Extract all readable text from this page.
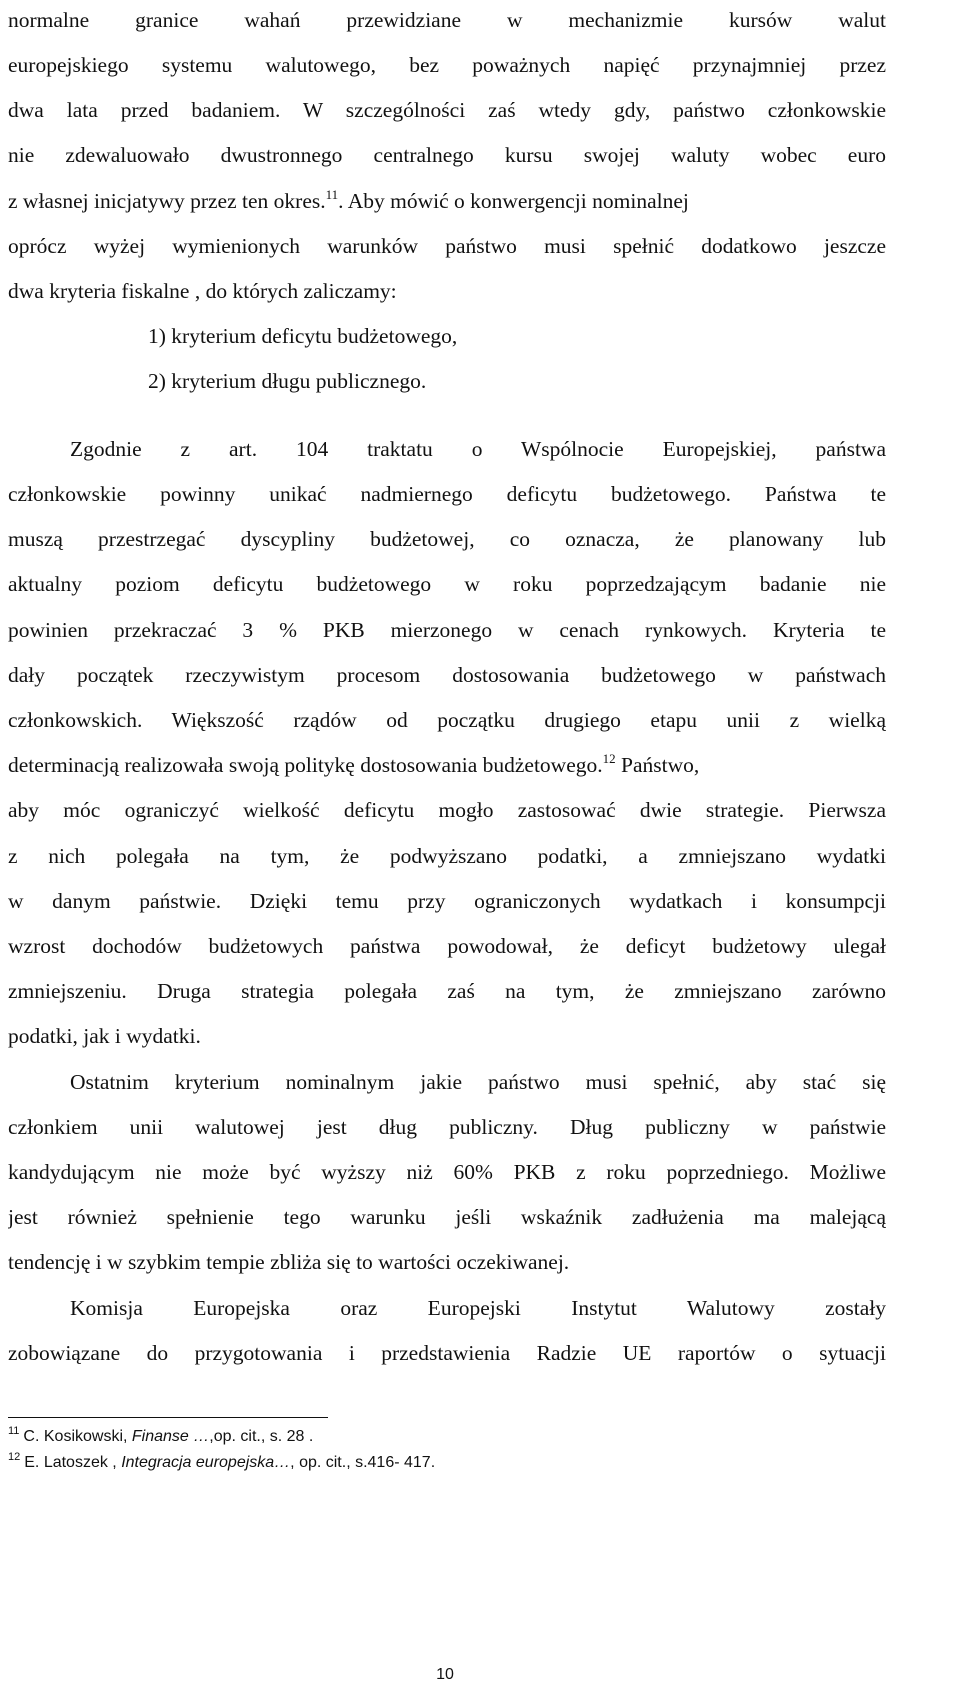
normalne granice wahań przewidziane w mechanizmie kursów walut
europejskiego systemu walutowego, bez poważnych napięć przynajmniej przez
dwa lata przed badaniem. W szczególności zaś wtedy gdy, państwo członkowskie
nie zdewaluowało dwustronnego centralnego kursu swojej waluty wobec euro
z własnej inicjatywy przez ten okres.$^{11}$. Aby mówić o konwergencji nominalnej
oprócz wyżej wymienionych warunków państwo musi spełnić dodatkowo jeszcze
dwa kryteria fiskalne , do których zaliczamy:
1) kryterium deficytu budżetowego,
2) kryterium długu publicznego.
Zgodnie z art. 104 traktatu o Wspólnocie Europejskiej, państwa
członkowskie powinny unikać nadmiernego deficytu budżetowego. Państwa te
muszą przestrzegać dyscypliny budżetowej, co oznacza, że planowany lub
aktualny poziom deficytu budżetowego w roku poprzedzającym badanie nie
powinien przekraczać 3 % PKB mierzonego w cenach rynkowych. Kryteria te
dały początek rzeczywistym procesom dostosowania budżetowego w państwach
członkowskich. Większość rządów od początku drugiego etapu unii z wielką
determinacją realizowała swoją politykę dostosowania budżetowego.$^{12}$ Państwo,
aby móc ograniczyć wielkość deficytu mogło zastosować dwie strategie. Pierwsza
z nich polegała na tym, że podwyższano podatki, a zmniejszano wydatki
w danym państwie. Dzięki temu przy ograniczonych wydatkach i konsumpcji
wzrost dochodów budżetowych państwa powodował, że deficyt budżetowy ulegał
zmniejszeniu. Druga strategia polegała zaś na tym, że zmniejszano zarówno
podatki, jak i wydatki.
Ostatnim kryterium nominalnym jakie państwo musi spełnić, aby stać się
członkiem unii walutowej jest dług publiczny. Dług publiczny w państwie
kandydującym nie może być wyższy niż 60% PKB z roku poprzedniego. Możliwe
jest również spełnienie tego warunku jeśli wskaźnik zadłużenia ma malejącą
tendencję i w szybkim tempie zbliża się to wartości oczekiwanej.
Komisja Europejska oraz Europejski Instytut Walutowy zostały
zobowiązane do przygotowania i przedstawienia Radzie UE raportów o sytuacji
$^{11}$ C. Kosikowski, Finanse …,op. cit., s. 28 .
$^{12}$ E. Latoszek , Integracja europejska…, op. cit., s.416- 417.
10
